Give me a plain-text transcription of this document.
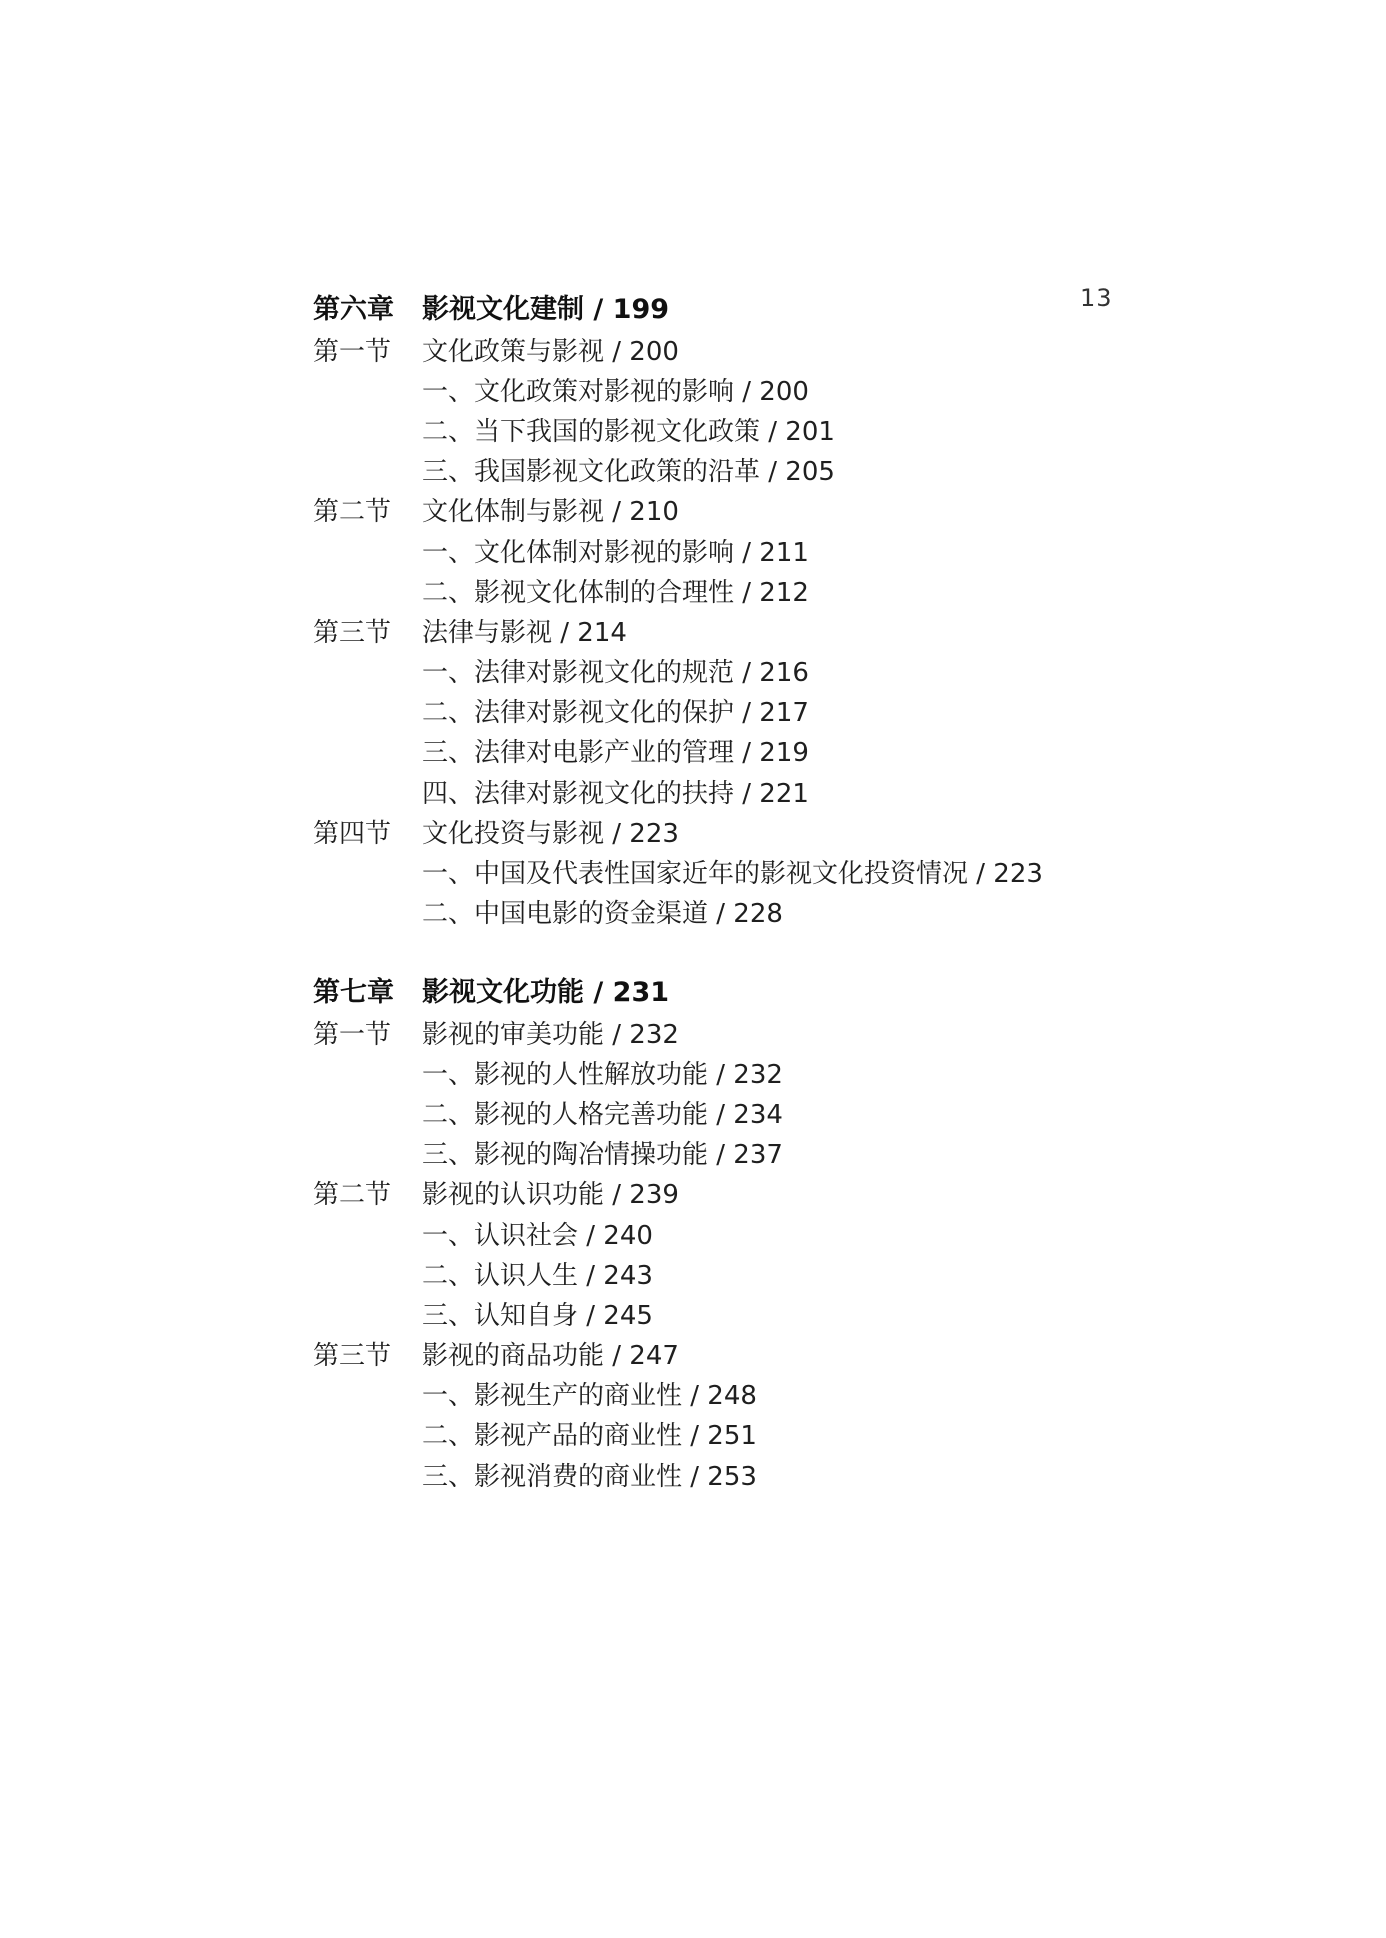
13
第六章	影视文化建制 / 199
第一节	文化政策与影视 / 200
一、文化政策对影视的影响 / 200
二、当下我国的影视文化政策 / 201
三、我国影视文化政策的沿革 / 205
第二节	文化体制与影视 / 210
一、文化体制对影视的影响 / 211
二、影视文化体制的合理性 / 212
第三节	法律与影视 / 214
一、法律对影视文化的规范 / 216
二、法律对影视文化的保护 / 217
三、法律对电影产业的管理 / 219
四、法律对影视文化的扶持 / 221
第四节	文化投资与影视 / 223
一、中国及代表性国家近年的影视文化投资情况 / 223
二、中国电影的资金渠道 / 228
第七章	影视文化功能 / 231
第一节	影视的审美功能 / 232
一、影视的人性解放功能 / 232
二、影视的人格完善功能 / 234
三、影视的陶冶情操功能 / 237
第二节	影视的认识功能 / 239
一、认识社会 / 240
二、认识人生 / 243
三、认知自身 / 245
第三节	影视的商品功能 / 247
一、影视生产的商业性 / 248
二、影视产品的商业性 / 251
三、影视消费的商业性 / 253
